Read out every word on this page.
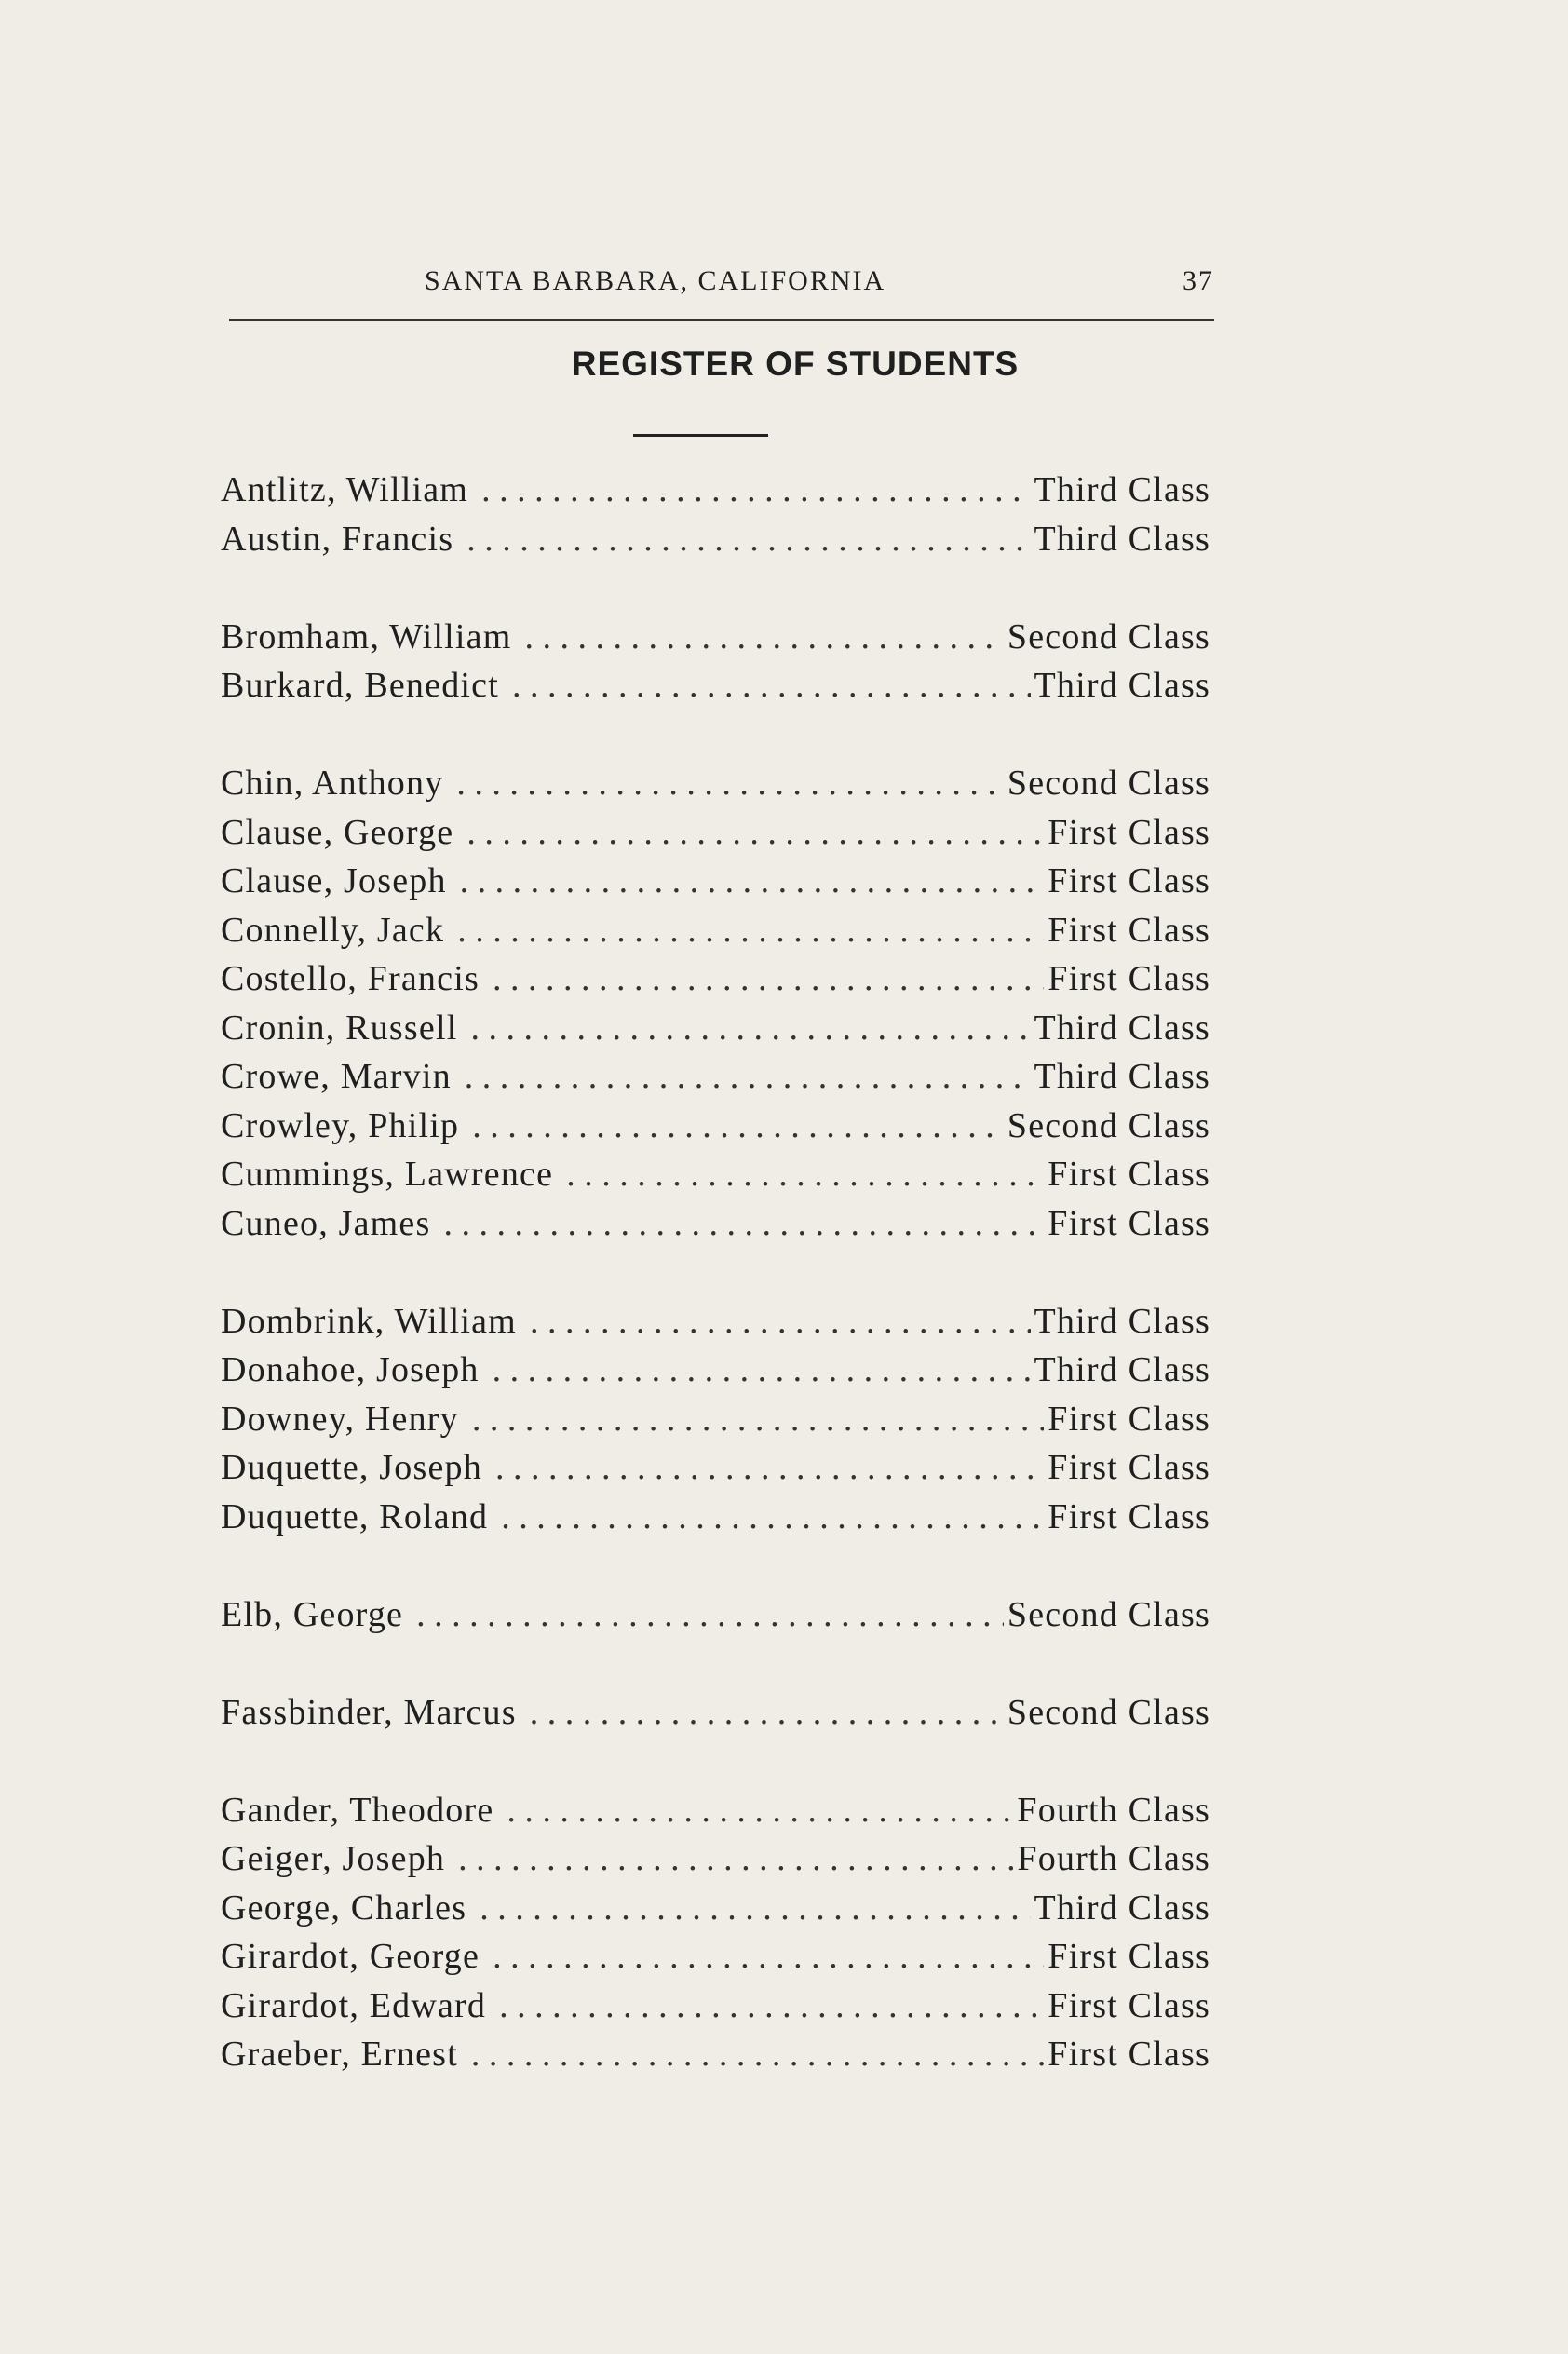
SANTA BARBARA, CALIFORNIA	37
REGISTER OF STUDENTS
Antlitz, William . . .	Third Class
Austin, Francis . . .	Third Class
Bromham, William . . .	Second Class
Burkard, Benedict . . .	Third Class
Chin, Anthony . . .	Second Class
Clause, George . . .	First Class
Clause, Joseph . . .	First Class
Connelly, Jack . . .	First Class
Costello, Francis . . .	First Class
Cronin, Russell . . .	Third Class
Crowe, Marvin . . .	Third Class
Crowley, Philip . . .	Second Class
Cummings, Lawrence . . .	First Class
Cuneo, James . . .	First Class
Dombrink, William . . .	Third Class
Donahoe, Joseph . . .	Third Class
Downey, Henry . . .	First Class
Duquette, Joseph . . .	First Class
Duquette, Roland . . .	First Class
Elb, George . . .	Second Class
Fassbinder, Marcus . . .	Second Class
Gander, Theodore . . .	Fourth Class
Geiger, Joseph . . .	Fourth Class
George, Charles . . .	Third Class
Girardot, George . . .	First Class
Girardot, Edward . . .	First Class
Graeber, Ernest . . .	First Class
